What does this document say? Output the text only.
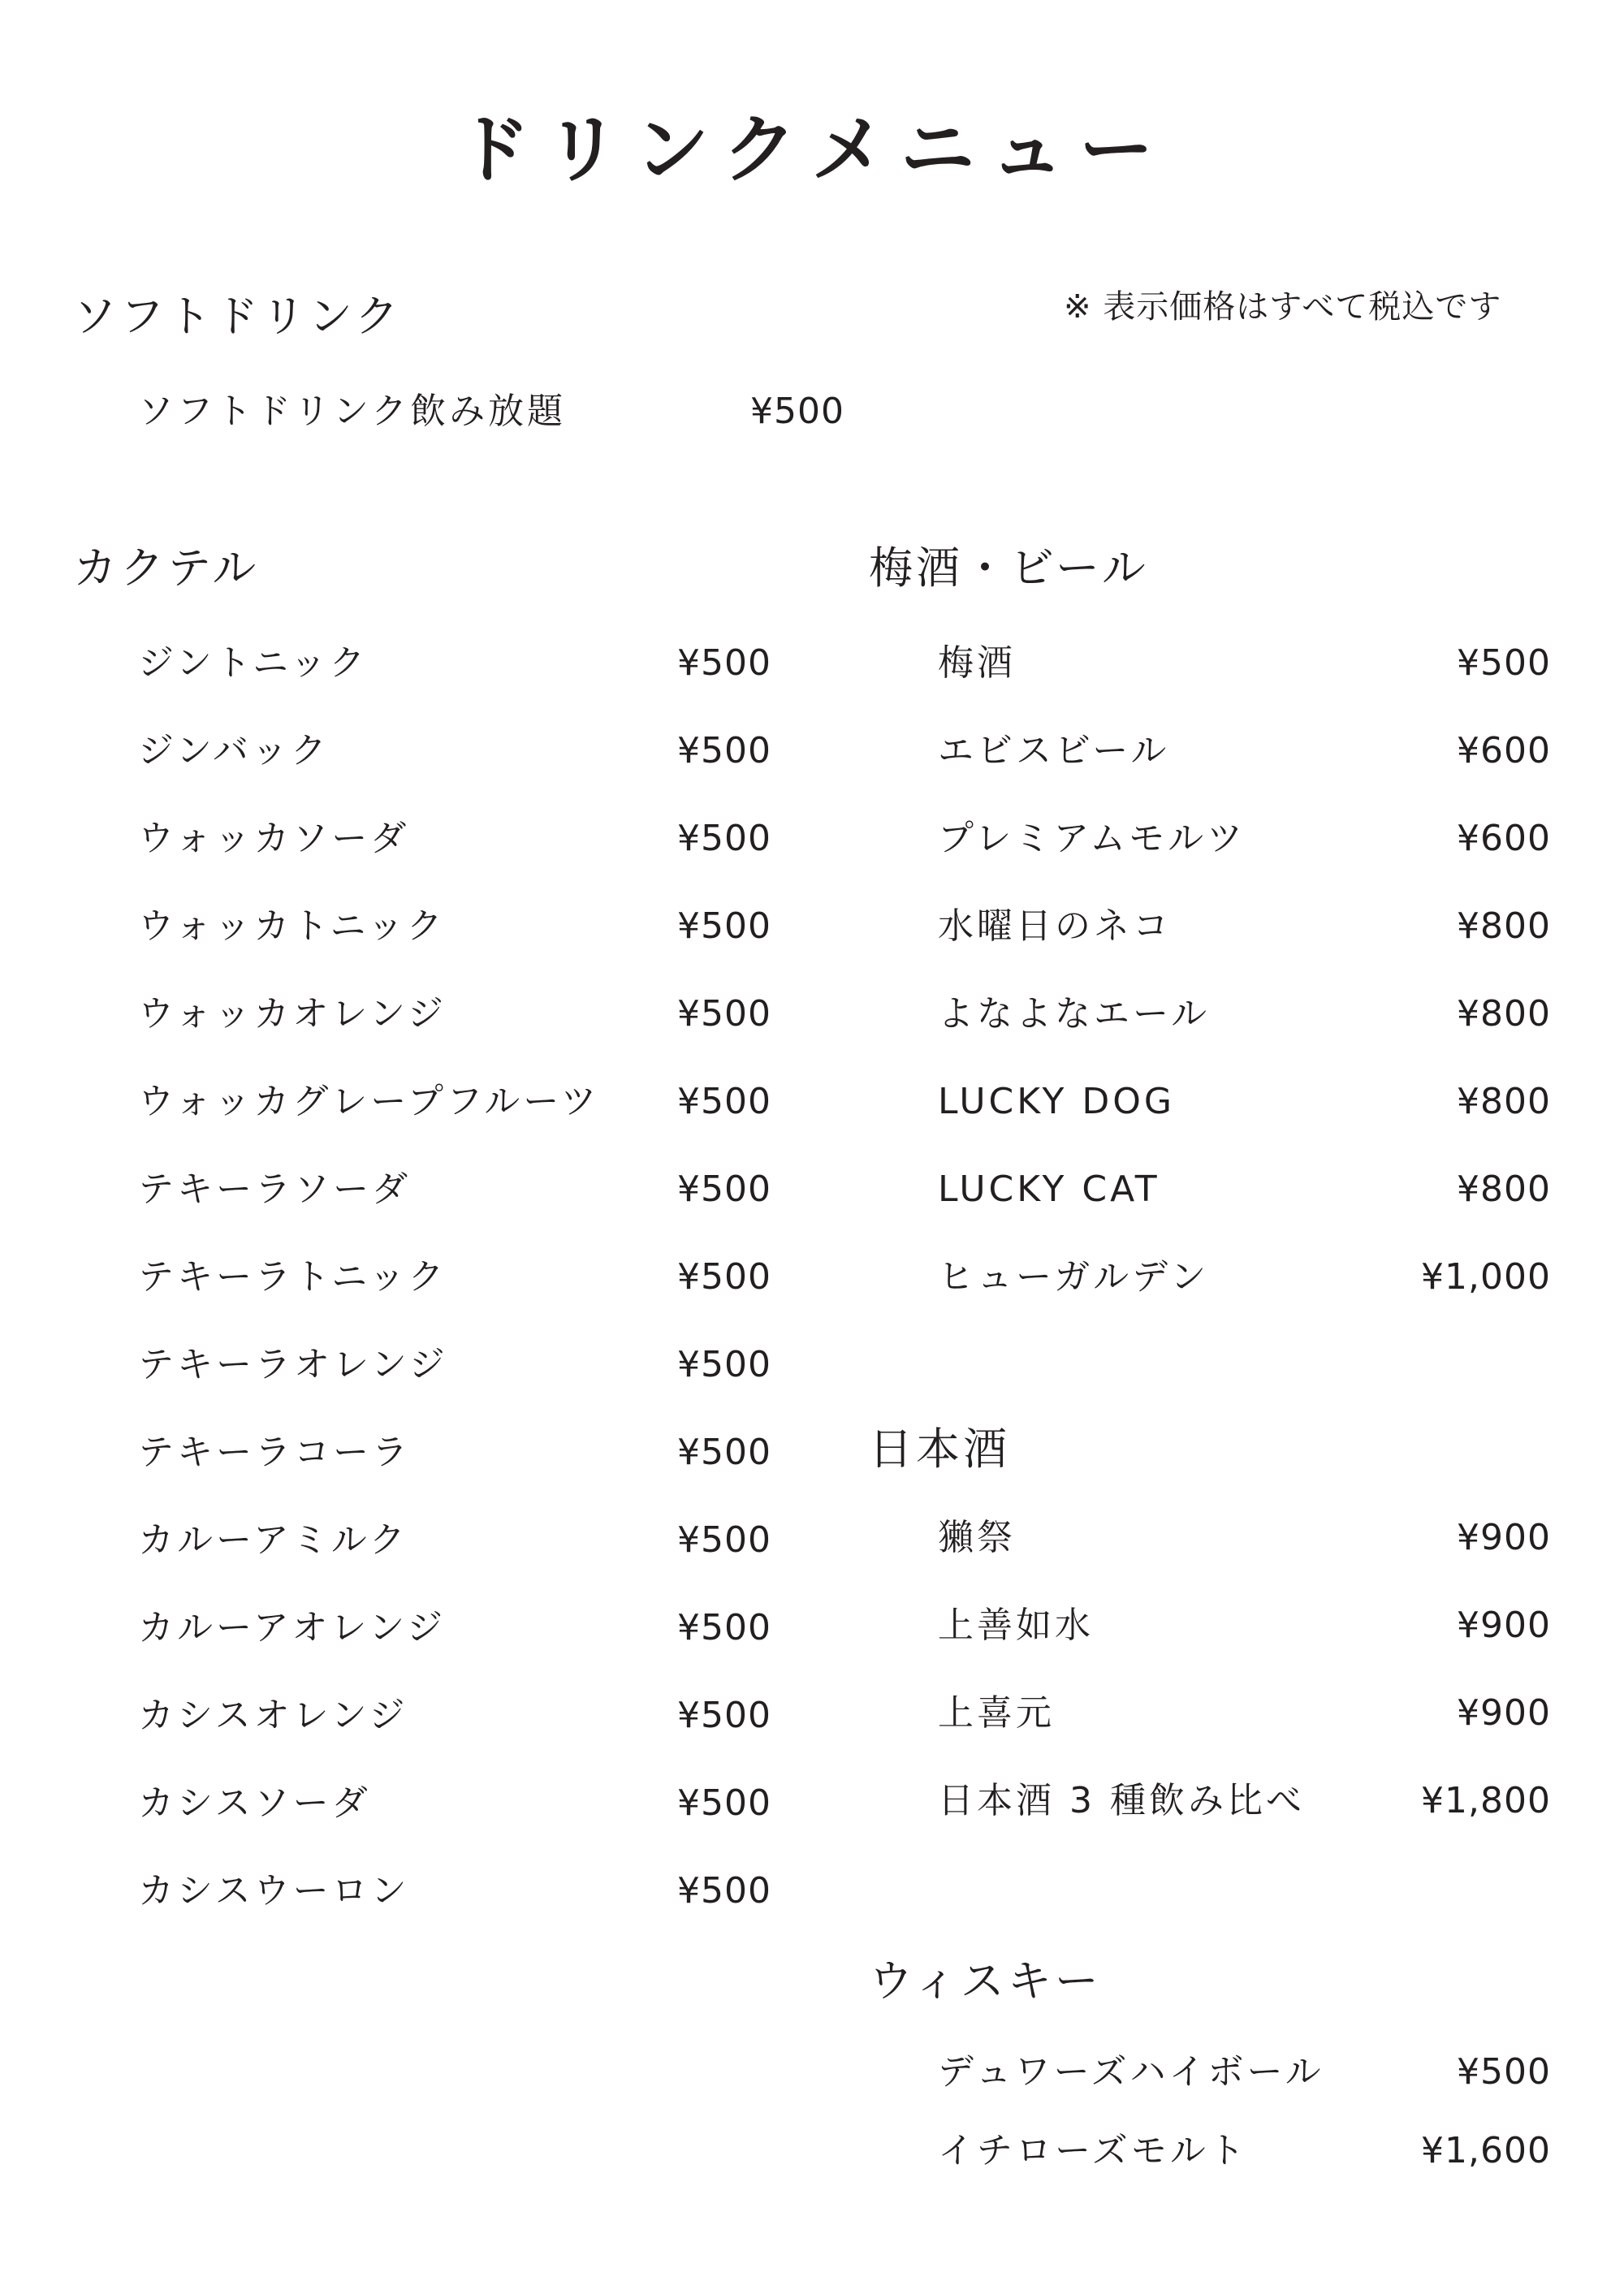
ドリンクメニュー
※ 表示価格はすべて税込です
ソフトドリンク
ソフトドリンク飲み放題	¥500
カクテル
ジントニック	¥500
ジンバック	¥500
ウォッカソーダ	¥500
ウォッカトニック	¥500
ウォッカオレンジ	¥500
ウォッカグレープフルーツ ¥500
テキーラソーダ	¥500
テキーラトニック	¥500
テキーラオレンジ	¥500
テキーラコーラ	¥500
カルーアミルク	¥500
カルーアオレンジ	¥500
カシスオレンジ	¥500
カシスソーダ	¥500
カシスウーロン	¥500
梅酒・ビール
梅酒	¥500
エビスビール	¥600
プレミアムモルツ	¥600
水曜日のネコ	¥800
よなよなエール	¥800
LUCKY DOG	¥800
LUCKY CAT	¥800
ヒューガルデン	¥1,000
日本酒
獺祭	¥900
上善如水	¥900
上喜元	¥900
日本酒 3 種飲み比べ	¥1,800
ウィスキー
デュワーズハイボール	¥500
イチローズモルト	¥1,600
